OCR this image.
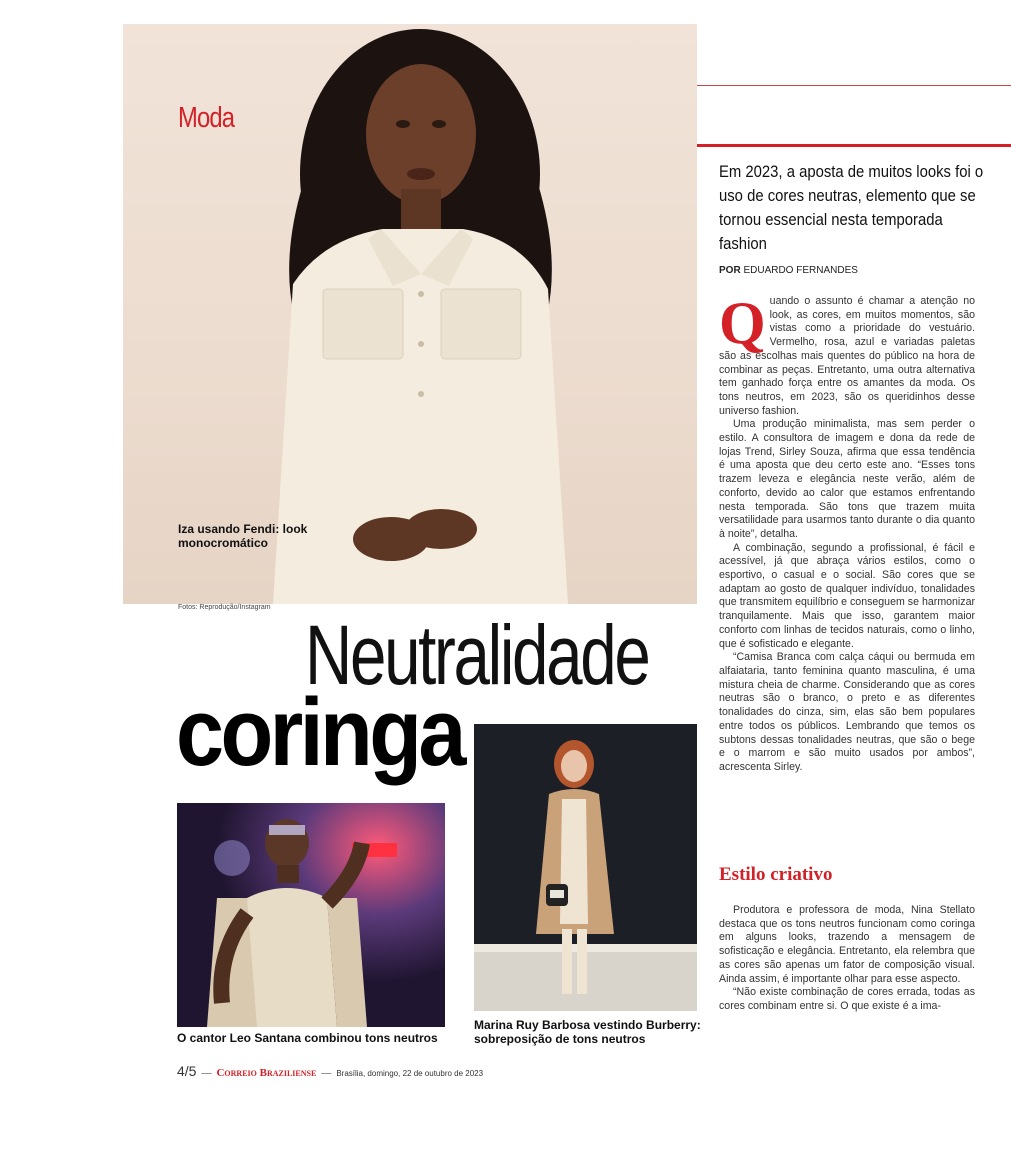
Moda
Iza usando Fendi: look monocromático
Fotos: Reprodução/Instagram
Neutralidade
coringa
O cantor Leo Santana combinou tons neutros
Marina Ruy Barbosa vestindo Burberry: sobreposição de tons neutros
4/5 — Correio Braziliense — Brasília, domingo, 22 de outubro de 2023
Em 2023, a aposta de muitos looks foi o uso de cores neutras, elemento que se tornou essencial nesta temporada fashion
POR EDUARDO FERNANDES

Quando o assunto é chamar a atenção no look, as cores, em muitos momentos, são vistas como a prioridade do vestuário. Vermelho, rosa, azul e variadas paletas são as escolhas mais quentes do público na hora de combinar as peças. Entretanto, uma outra alternativa tem ganhado força entre os amantes da moda. Os tons neutros, em 2023, são os queridinhos desse universo fashion.

Uma produção minimalista, mas sem perder o estilo. A consultora de imagem e dona da rede de lojas Trend, Sirley Souza, afirma que essa tendência é uma aposta que deu certo este ano. “Esses tons trazem leveza e elegância neste verão, além de conforto, devido ao calor que estamos enfrentando nesta temporada. São tons que trazem muita versatilidade para usarmos tanto durante o dia quanto à noite”, detalha.

A combinação, segundo a profissional, é fácil e acessível, já que abraça vários estilos, como o esportivo, o casual e o social. São cores que se adaptam ao gosto de qualquer indivíduo, tonalidades que transmitem equilíbrio e conseguem se harmonizar tranquilamente. Mais que isso, garantem maior conforto com linhas de tecidos naturais, como o linho, que é sofisticado e elegante.

“Camisa Branca com calça cáqui ou bermuda em alfaiataria, tanto feminina quanto masculina, é uma mistura cheia de charme. Considerando que as cores neutras são o branco, o preto e as diferentes tonalidades do cinza, sim, elas são bem populares entre todos os públicos. Lembrando que temos os subtons dessas tonalidades neutras, que são o bege e o marrom e são muito usados por ambos”, acrescenta Sirley.

Estilo criativo

Produtora e professora de moda, Nina Stellato destaca que os tons neutros funcionam como coringa em alguns looks, trazendo a mensagem de sofisticação e elegância. Entretanto, ela relembra que as cores são apenas um fator de composição visual. Ainda assim, é importante olhar para esse aspecto.

“Não existe combinação de cores errada, todas as cores combinam entre si. O que existe é a ima-
